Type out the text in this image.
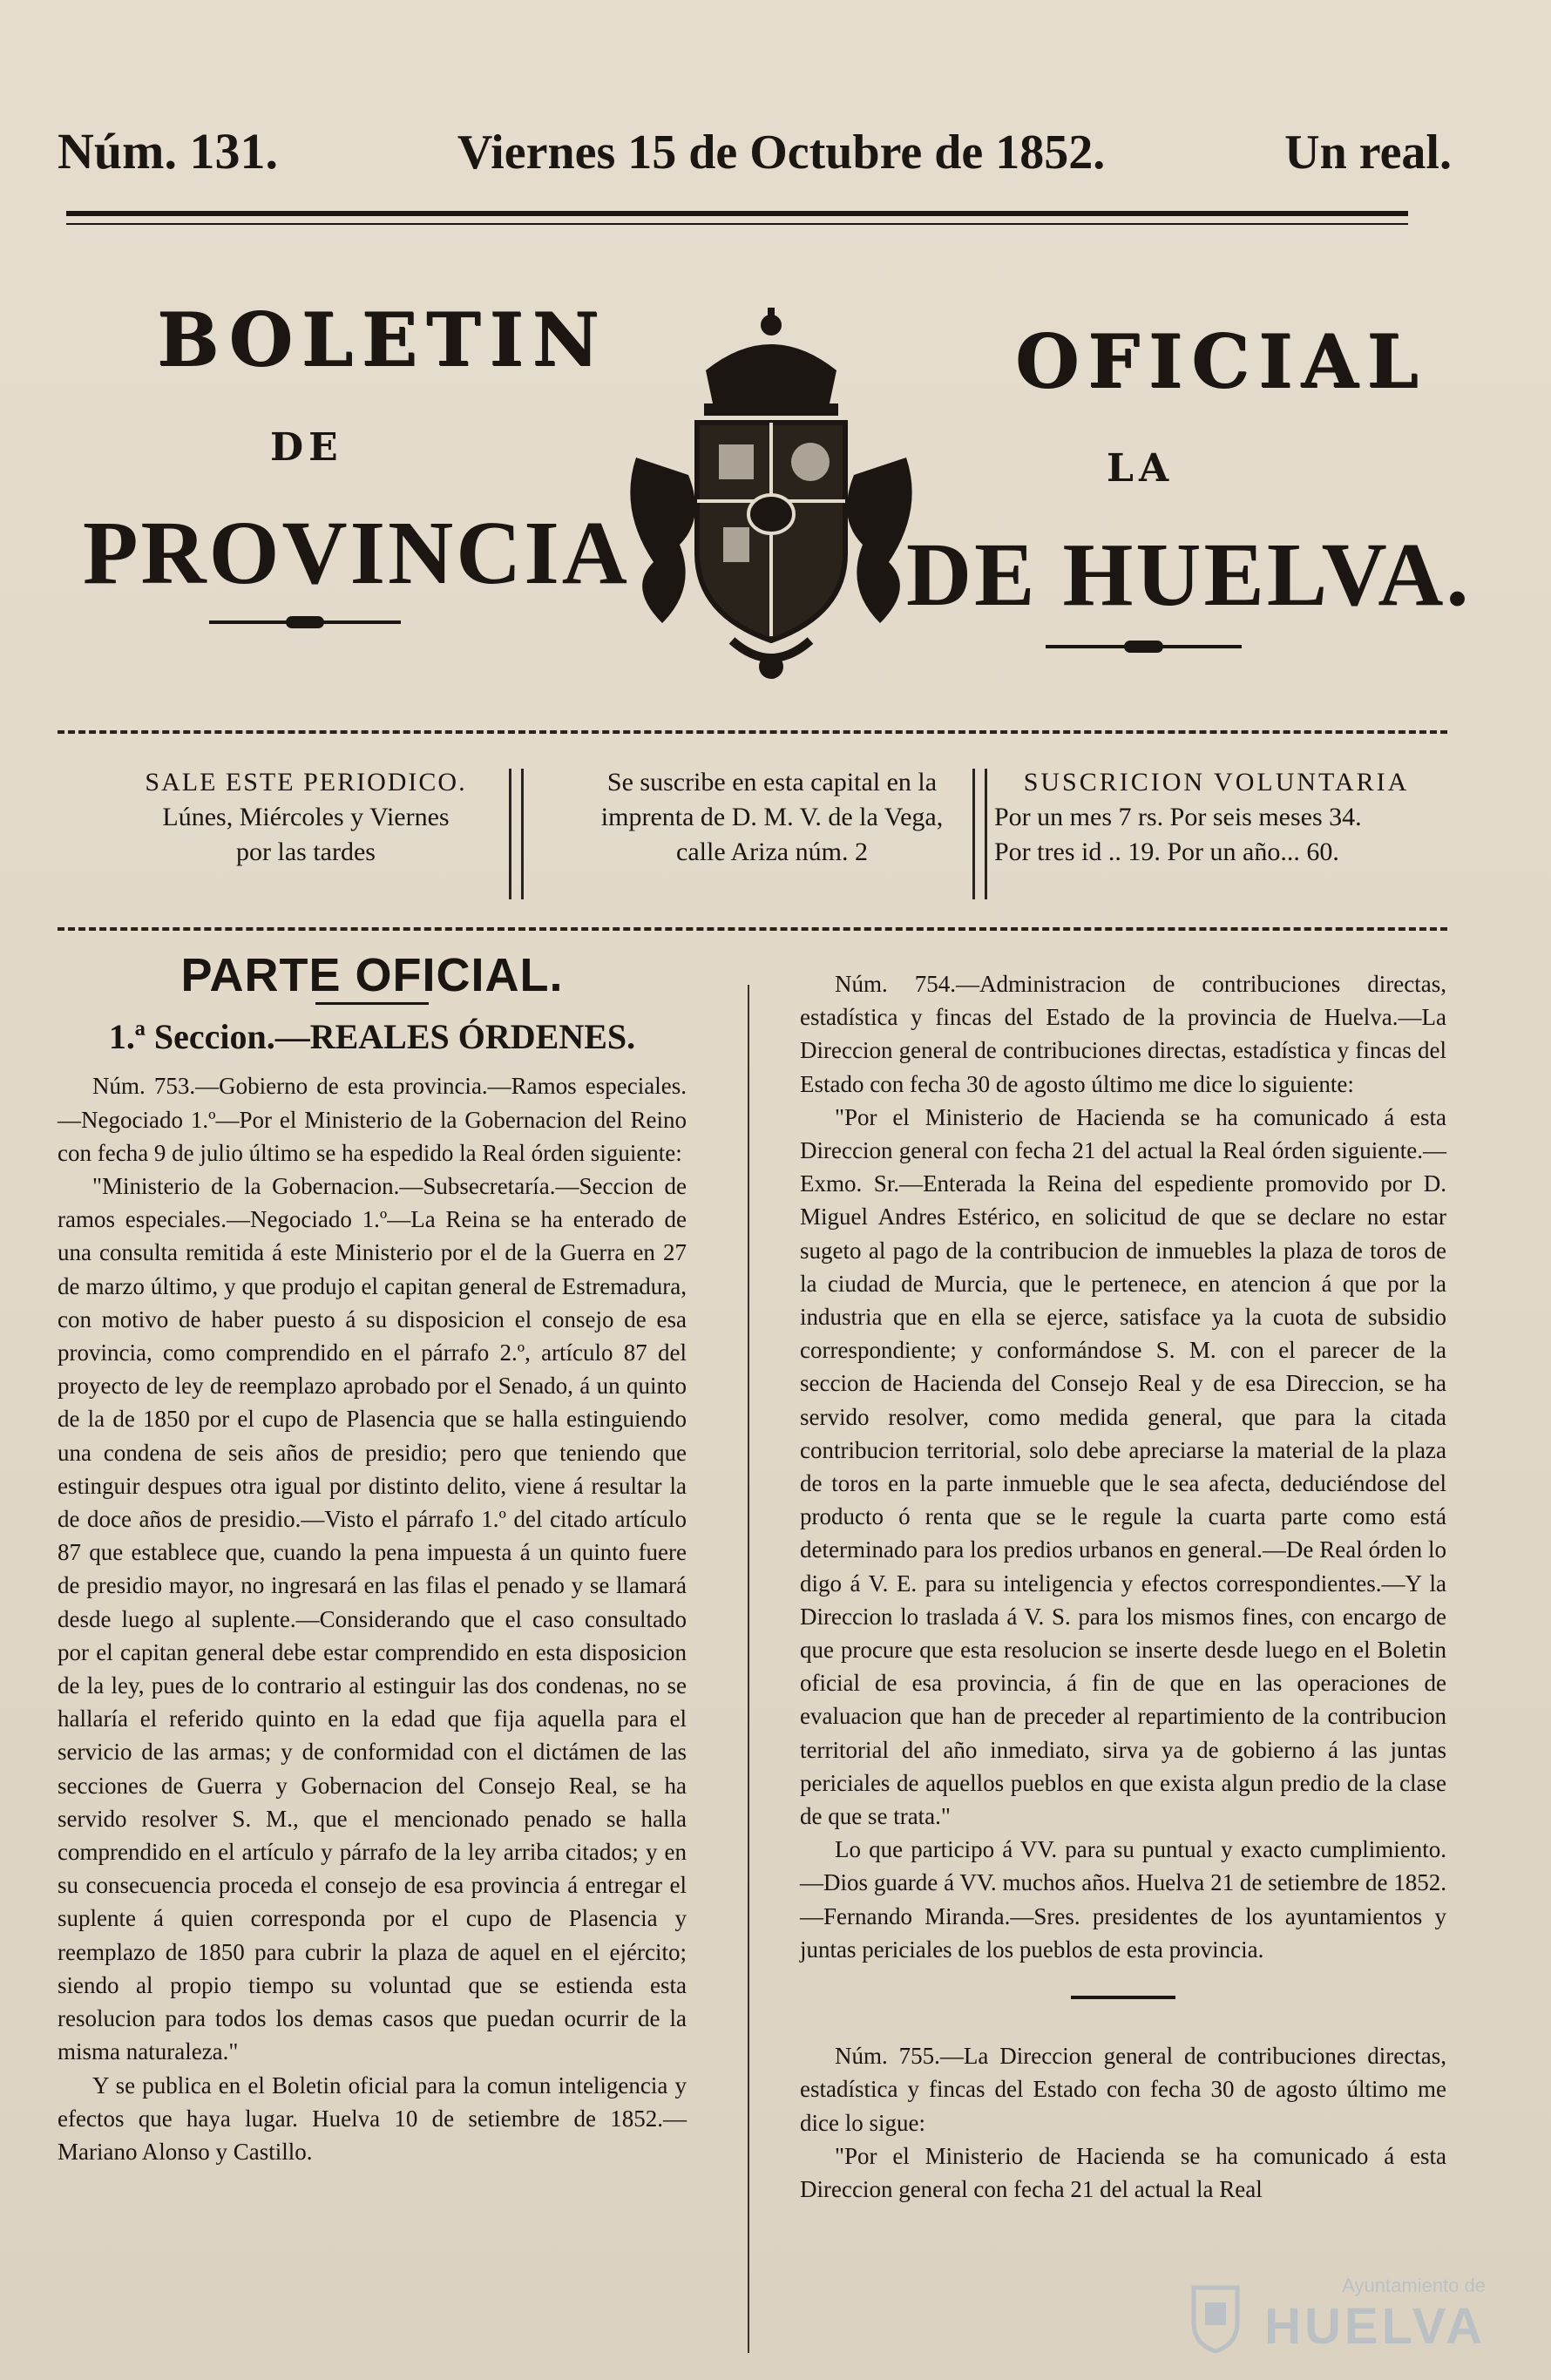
Núm. 131.	Viernes 15 de Octubre de 1852.	Un real.
BOLETIN	OFICIAL
DE	LA
PROVINCIA	DE HUELVA.

SALE ESTE PERIODICO.

Lúnes, Miércoles y Viernes

por las tardes

Se suscribe en esta capital en la

imprenta de D. M. V. de la Vega,

calle Ariza núm. 2

SUSCRICION VOLUNTARIA

Por un mes 7 rs. Por seis meses 34.

Por tres id .. 19. Por un año... 60.

PARTE OFICIAL.
1.ª Seccion.—REALES ÓRDENES.

Núm. 753.—Gobierno de esta provincia.—Ramos especiales.—Negociado 1.º—Por el Ministerio de la Gobernacion del Reino con fecha 9 de julio último se ha espedido la Real órden siguiente:

"Ministerio de la Gobernacion.—Subsecretaría.—Seccion de ramos especiales.—Negociado 1.º—La Reina se ha enterado de una consulta remitida á este Ministerio por el de la Guerra en 27 de marzo último, y que produjo el capitan general de Estremadura, con motivo de haber puesto á su disposicion el consejo de esa provincia, como comprendido en el párrafo 2.º, artículo 87 del proyecto de ley de reemplazo aprobado por el Senado, á un quinto de la de 1850 por el cupo de Plasencia que se halla estinguiendo una condena de seis años de presidio; pero que teniendo que estinguir despues otra igual por distinto delito, viene á resultar la de doce años de presidio.—Visto el párrafo 1.º del citado artículo 87 que establece que, cuando la pena impuesta á un quinto fuere de presidio mayor, no ingresará en las filas el penado y se llamará desde luego al suplente.—Considerando que el caso consultado por el capitan general debe estar comprendido en esta disposicion de la ley, pues de lo contrario al estinguir las dos condenas, no se hallaría el referido quinto en la edad que fija aquella para el servicio de las armas; y de conformidad con el dictámen de las secciones de Guerra y Gobernacion del Consejo Real, se ha servido resolver S. M., que el mencionado penado se halla comprendido en el artículo y párrafo de la ley arriba citados; y en su consecuencia proceda el consejo de esa provincia á entregar el suplente á quien corresponda por el cupo de Plasencia y reemplazo de 1850 para cubrir la plaza de aquel en el ejército; siendo al propio tiempo su voluntad que se estienda esta resolucion para todos los demas casos que puedan ocurrir de la misma naturaleza."

Y se publica en el Boletin oficial para la comun inteligencia y efectos que haya lugar. Huelva 10 de setiembre de 1852.—Mariano Alonso y Castillo.

Núm. 754.—Administracion de contribuciones directas, estadística y fincas del Estado de la provincia de Huelva.—La Direccion general de contribuciones directas, estadística y fincas del Estado con fecha 30 de agosto último me dice lo siguiente:

"Por el Ministerio de Hacienda se ha comunicado á esta Direccion general con fecha 21 del actual la Real órden siguiente.—Exmo. Sr.—Enterada la Reina del espediente promovido por D. Miguel Andres Estérico, en solicitud de que se declare no estar sugeto al pago de la contribucion de inmuebles la plaza de toros de la ciudad de Murcia, que le pertenece, en atencion á que por la industria que en ella se ejerce, satisface ya la cuota de subsidio correspondiente; y conformándose S. M. con el parecer de la seccion de Hacienda del Consejo Real y de esa Direccion, se ha servido resolver, como medida general, que para la citada contribucion territorial, solo debe apreciarse la material de la plaza de toros en la parte inmueble que le sea afecta, deduciéndose del producto ó renta que se le regule la cuarta parte como está determinado para los predios urbanos en general.—De Real órden lo digo á V. E. para su inteligencia y efectos correspondientes.—Y la Direccion lo traslada á V. S. para los mismos fines, con encargo de que procure que esta resolucion se inserte desde luego en el Boletin oficial de esa provincia, á fin de que en las operaciones de evaluacion que han de preceder al repartimiento de la contribucion territorial del año inmediato, sirva ya de gobierno á las juntas periciales de aquellos pueblos en que exista algun predio de la clase de que se trata."

Lo que participo á VV. para su puntual y exacto cumplimiento.—Dios guarde á VV. muchos años. Huelva 21 de setiembre de 1852.—Fernando Miranda.—Sres. presidentes de los ayuntamientos y juntas periciales de los pueblos de esta provincia.

Núm. 755.—La Direccion general de contribuciones directas, estadística y fincas del Estado con fecha 30 de agosto último me dice lo sigue:

"Por el Ministerio de Hacienda se ha comunicado á esta Direccion general con fecha 21 del actual la Real

Ayuntamiento de
HUELVA
